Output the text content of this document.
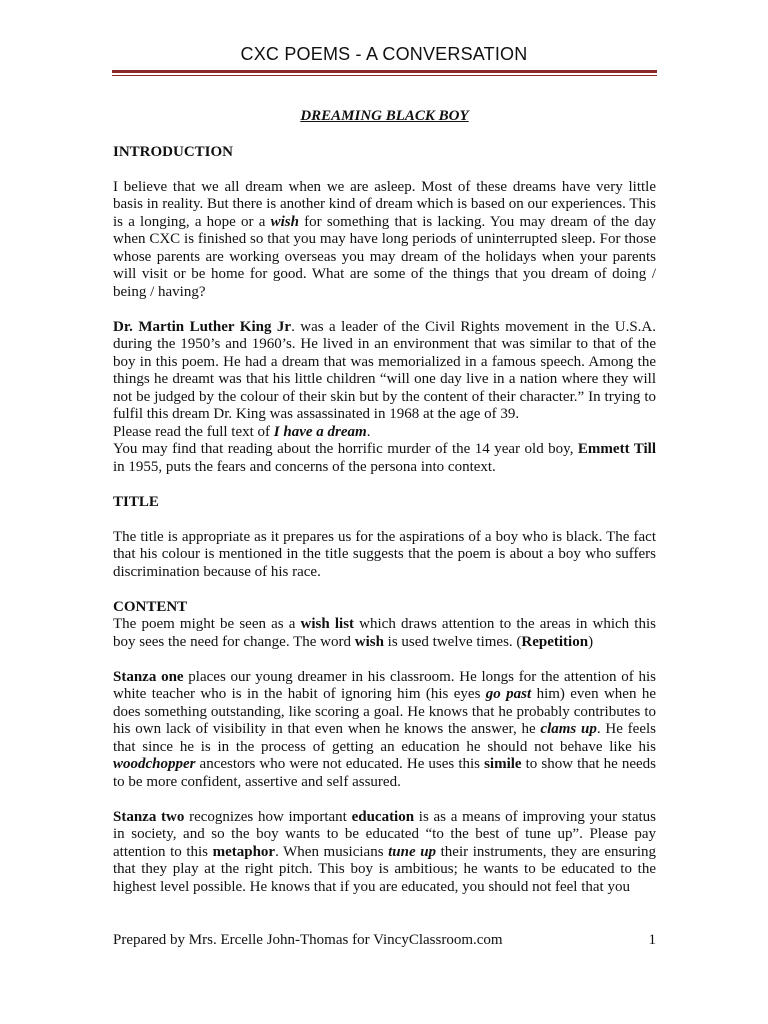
CXC POEMS - A CONVERSATION

DREAMING BLACK BOY

INTRODUCTION

I believe that we all dream when we are asleep. Most of these dreams have very little basis in reality. But there is another kind of dream which is based on our experiences. This is a longing, a hope or a wish for something that is lacking. You may dream of the day when CXC is finished so that you may have long periods of uninterrupted sleep. For those whose parents are working overseas you may dream of the holidays when your parents will visit or be home for good. What are some of the things that you dream of doing / being / having?

Dr. Martin Luther King Jr. was a leader of the Civil Rights movement in the U.S.A. during the 1950’s and 1960’s. He lived in an environment that was similar to that of the boy in this poem. He had a dream that was memorialized in a famous speech. Among the things he dreamt was that his little children “will one day live in a nation where they will not be judged by the colour of their skin but by the content of their character.” In trying to fulfil this dream Dr. King was assassinated in 1968 at the age of 39.

Please read the full text of I have a dream.

You may find that reading about the horrific murder of the 14 year old boy, Emmett Till in 1955, puts the fears and concerns of the persona into context.

TITLE

The title is appropriate as it prepares us for the aspirations of a boy who is black. The fact that his colour is mentioned in the title suggests that the poem is about a boy who suffers discrimination because of his race.

CONTENT

The poem might be seen as a wish list which draws attention to the areas in which this boy sees the need for change. The word wish is used twelve times. (Repetition)

Stanza one places our young dreamer in his classroom. He longs for the attention of his white teacher who is in the habit of ignoring him (his eyes go past him) even when he does something outstanding, like scoring a goal. He knows that he probably contributes to his own lack of visibility in that even when he knows the answer, he clams up. He feels that since he is in the process of getting an education he should not behave like his woodchopper ancestors who were not educated. He uses this simile to show that he needs to be more confident, assertive and self assured.

Stanza two recognizes how important education is as a means of improving your status in society, and so the boy wants to be educated “to the best of tune up”. Please pay attention to this metaphor. When musicians tune up their instruments, they are ensuring that they play at the right pitch. This boy is ambitious; he wants to be educated to the highest level possible. He knows that if you are educated, you should not feel that you

Prepared by Mrs. Ercelle John-Thomas for VincyClassroom.com	1
